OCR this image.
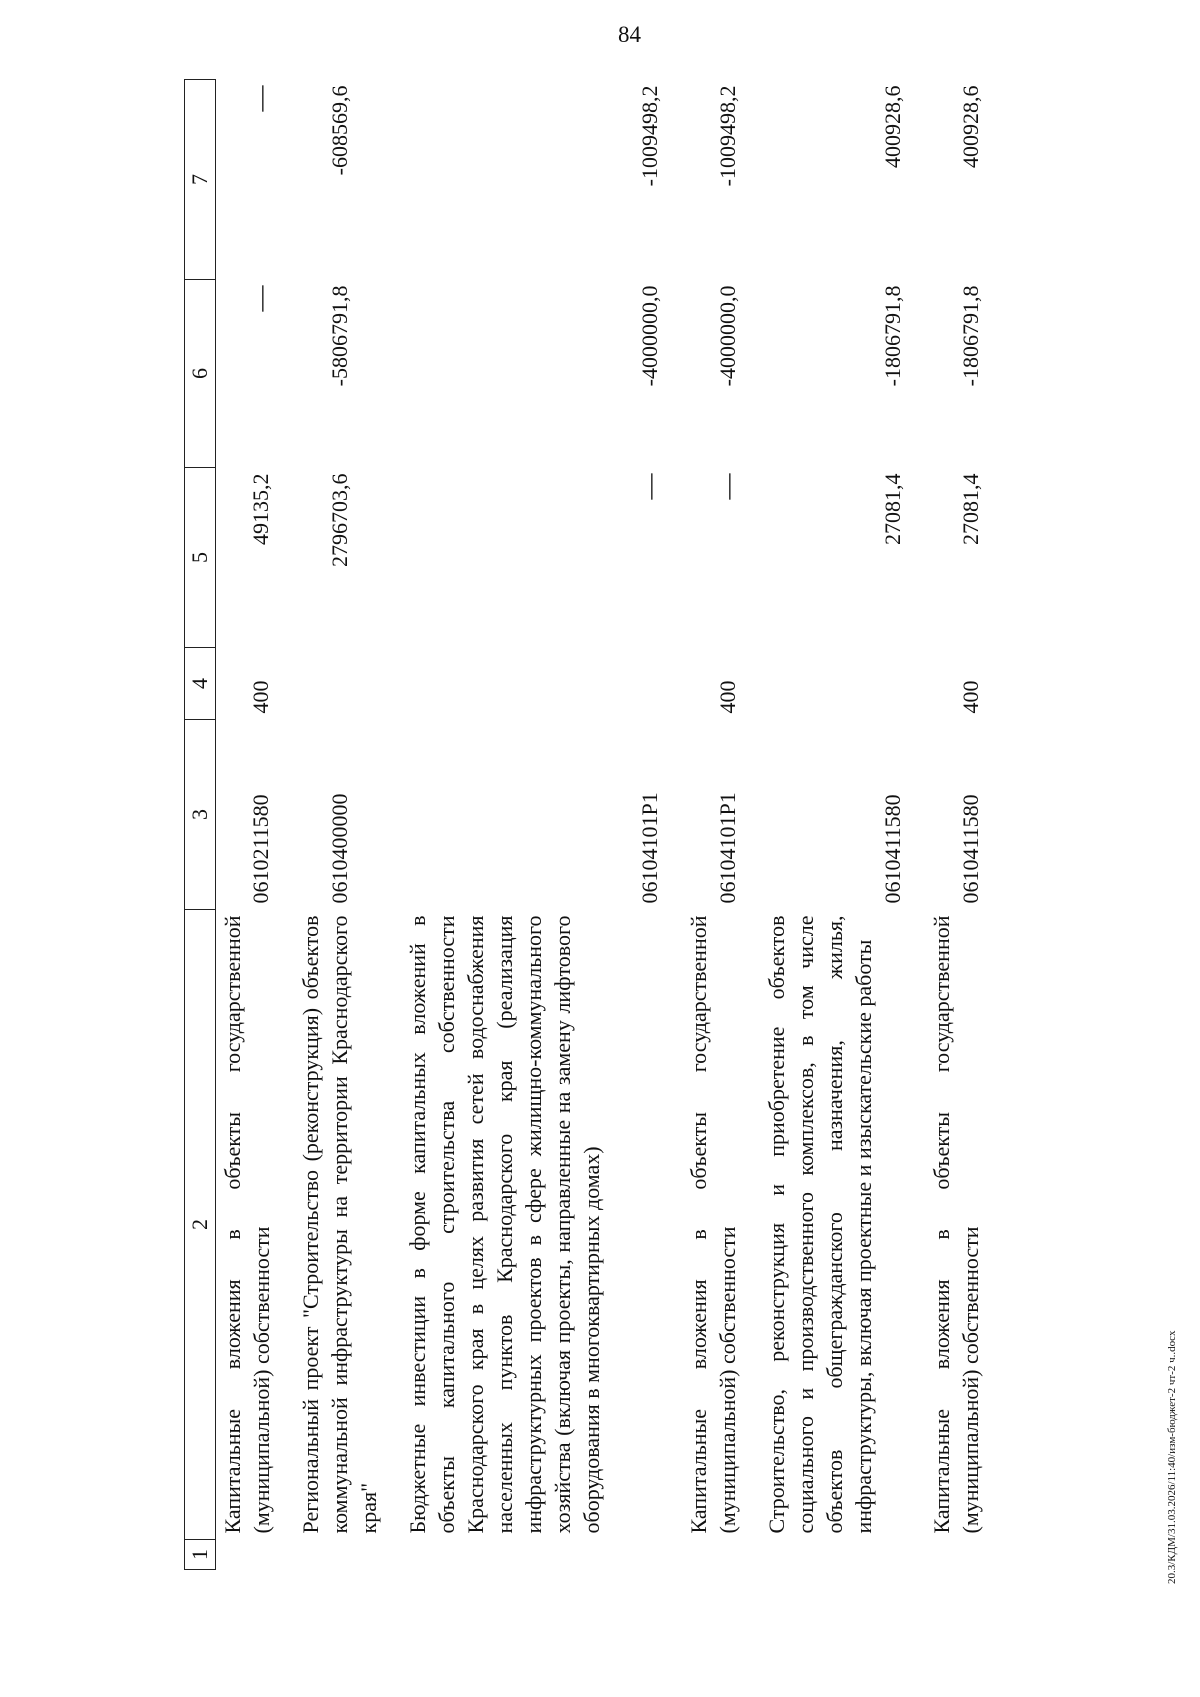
84
1	2	3	4	5	6	7
	Капитальные вложения в объекты государственной (муниципальной) собственности	0610211580	400	49135,2	—	—
	Региональный проект "Строительство (реконструкция) объектов коммунальной инфраструктуры на территории Краснодарского края"	0610400000		2796703,6	-5806791,8	-608569,6
	Бюджетные инвестиции в форме капитальных вложений в объекты капитального строительства собственности Краснодарского края в целях развития сетей водоснабжения населенных пунктов Краснодарского края (реализация инфраструктурных проектов в сфере жилищно-коммунального хозяйства (включая проекты, направленные на замену лифтового оборудования в многоквартирных домах)	06104101P1		—	-4000000,0	-1009498,2
	Капитальные вложения в объекты государственной (муниципальной) собственности	06104101P1	400	—	-4000000,0	-1009498,2
	Строительство, реконструкция и приобретение объектов социального и производственного комплексов, в том числе объектов общегражданского назначения, жилья, инфраструктуры, включая проектные и изыскательские работы	0610411580		27081,4	-1806791,8	400928,6
	Капитальные вложения в объекты государственной (муниципальной) собственности	0610411580	400	27081,4	-1806791,8	400928,6
20.3/КДМ/31.03.2026/11:40/изм-бюджет-2 чт-2 ч..docx
